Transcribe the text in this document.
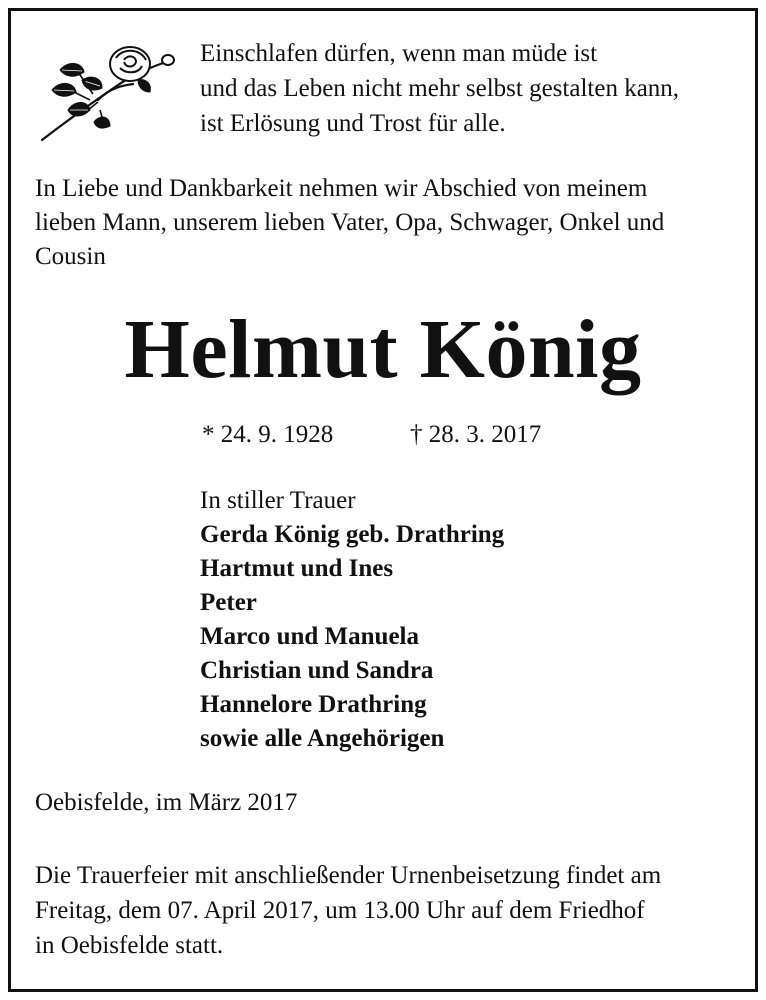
Einschlafen dürfen, wenn man müde ist
und das Leben nicht mehr selbst gestalten kann,
ist Erlösung und Trost für alle.
In Liebe und Dankbarkeit nehmen wir Abschied von meinem
lieben Mann, unserem lieben Vater, Opa, Schwager, Onkel und
Cousin
Helmut König
* 24. 9. 1928	† 28. 3. 2017
In stiller Trauer
Gerda König geb. Drathring
Hartmut und Ines
Peter
Marco und Manuela
Christian und Sandra
Hannelore Drathring
sowie alle Angehörigen
Oebisfelde, im März 2017
Die Trauerfeier mit anschließender Urnenbeisetzung findet am
Freitag, dem 07. April 2017, um 13.00 Uhr auf dem Friedhof
in Oebisfelde statt.
